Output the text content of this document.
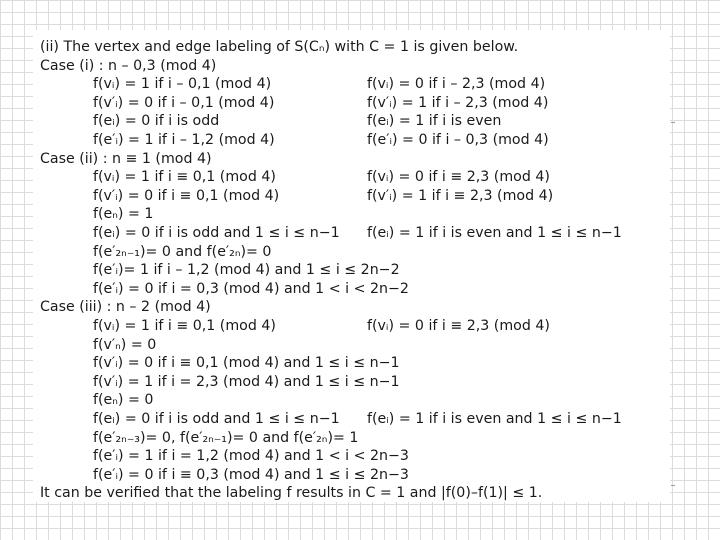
(ii) The vertex and edge labeling of S(Cₙ) with C = 1 is given below.
Case (i) : n – 0,3 (mod 4)
f(vᵢ) = 1 if i – 0,1 (mod 4)	f(vᵢ) = 0 if i – 2,3 (mod 4)
f(v′ᵢ) = 0 if i – 0,1 (mod 4)	f(v′ᵢ) = 1 if i – 2,3 (mod 4)
f(eᵢ) = 0 if i is odd	f(eᵢ) = 1 if i is even
f(e′ᵢ) = 1 if i – 1,2 (mod 4)	f(e′ᵢ) = 0 if i – 0,3 (mod 4)
Case (ii) : n ≡ 1 (mod 4)
f(vᵢ) = 1 if i ≡ 0,1 (mod 4)	f(vᵢ) = 0 if i ≡ 2,3 (mod 4)
f(v′ᵢ) = 0 if i ≡ 0,1 (mod 4)	f(v′ᵢ) = 1 if i ≡ 2,3 (mod 4)
f(eₙ) = 1
f(eᵢ) = 0 if i is odd and 1 ≤ i ≤ n−1 f(eᵢ) = 1 if i is even and 1 ≤ i ≤ n−1
f(e′₂ₙ₋₁)= 0 and f(e′₂ₙ)= 0
f(e′ᵢ)= 1 if i – 1,2 (mod 4) and 1 ≤ i ≤ 2n−2
f(e′ᵢ) = 0 if i = 0,3 (mod 4) and 1 < i < 2n−2
Case (iii) : n – 2 (mod 4)
f(vᵢ) = 1 if i ≡ 0,1 (mod 4)	f(vᵢ) = 0 if i ≡ 2,3 (mod 4)
f(v′ₙ) = 0
f(v′ᵢ) = 0 if i ≡ 0,1 (mod 4) and 1 ≤ i ≤ n−1
f(v′ᵢ) = 1 if i = 2,3 (mod 4) and 1 ≤ i ≤ n−1
f(eₙ) = 0
f(eᵢ) = 0 if i is odd and 1 ≤ i ≤ n−1 f(eᵢ) = 1 if i is even and 1 ≤ i ≤ n−1
f(e′₂ₙ₋₃)= 0, f(e′₂ₙ₋₁)= 0 and f(e′₂ₙ)= 1
f(e′ᵢ) = 1 if i = 1,2 (mod 4) and 1 < i < 2n−3
f(e′ᵢ) = 0 if i ≡ 0,3 (mod 4) and 1 ≤ i ≤ 2n−3
It can be verified that the labeling f results in C = 1 and |f(0)–f(1)| ≤ 1.
